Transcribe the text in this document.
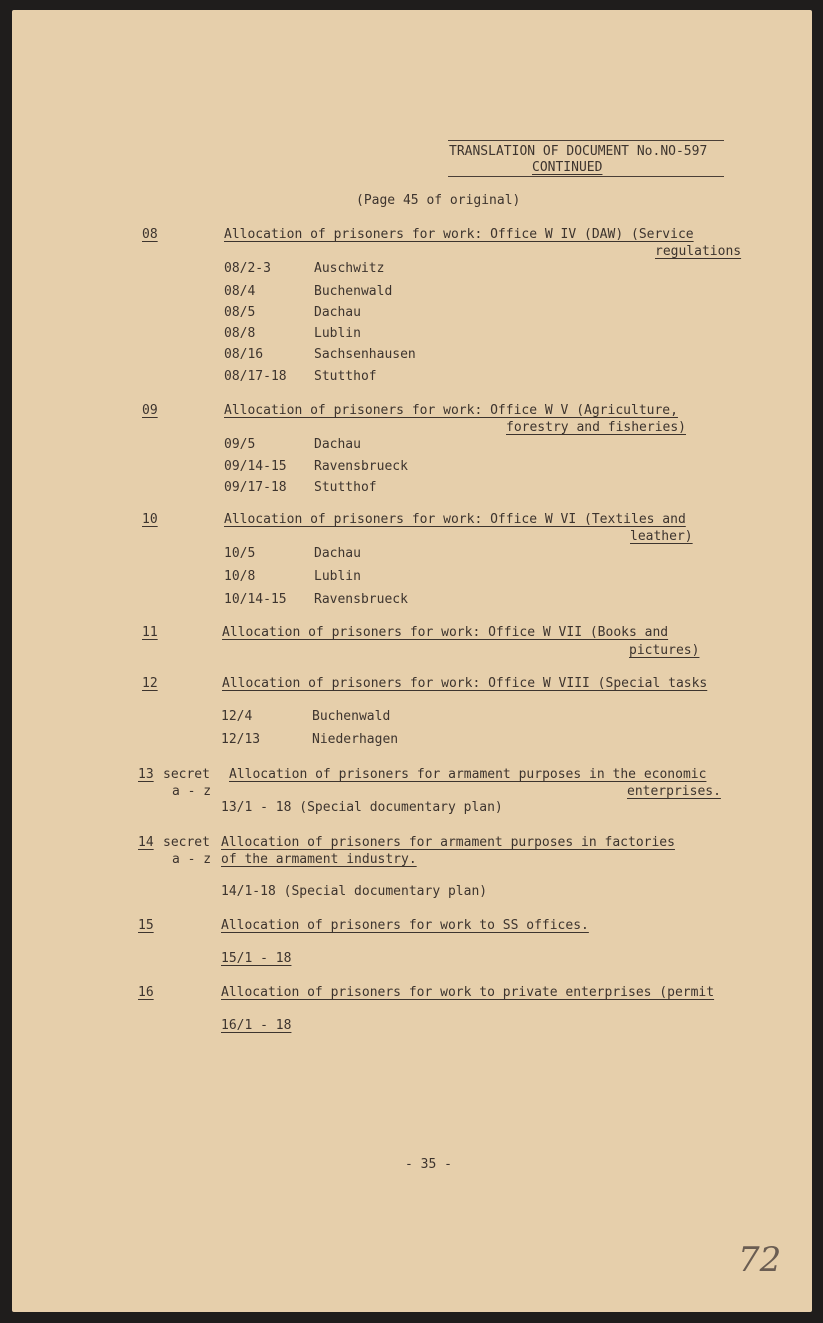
TRANSLATION OF DOCUMENT No.NO-597
CONTINUED
(Page 45 of original)
08	Allocation of prisoners for work: Office W IV (DAW) (Service
regulations
08/2-3	Auschwitz
08/4	Buchenwald
08/5	Dachau
08/8	Lublin
08/16	Sachsenhausen
08/17-18 Stutthof
09	Allocation of prisoners for work: Office W V (Agriculture,
forestry and fisheries)
09/5	Dachau
09/14-15 Ravensbrueck
09/17-18 Stutthof
10	Allocation of prisoners for work: Office W VI (Textiles and
leather)
10/5	Dachau
10/8	Lublin
10/14-15 Ravensbrueck
11	Allocation of prisoners for work: Office W VII (Books and
pictures)
12	Allocation of prisoners for work: Office W VIII (Special tasks
12/4	Buchenwald
12/13	Niederhagen
13 secret
a - z
Allocation of prisoners for armament purposes in the economic
enterprises.
13/1 - 18 (Special documentary plan)
14 secret
a - z
Allocation of prisoners for armament purposes in factories
of the armament industry.
14/1-18 (Special documentary plan)
15	Allocation of prisoners for work to SS offices.
15/1 - 18
16	Allocation of prisoners for work to private enterprises (permit
16/1 - 18
- 35 -
72
